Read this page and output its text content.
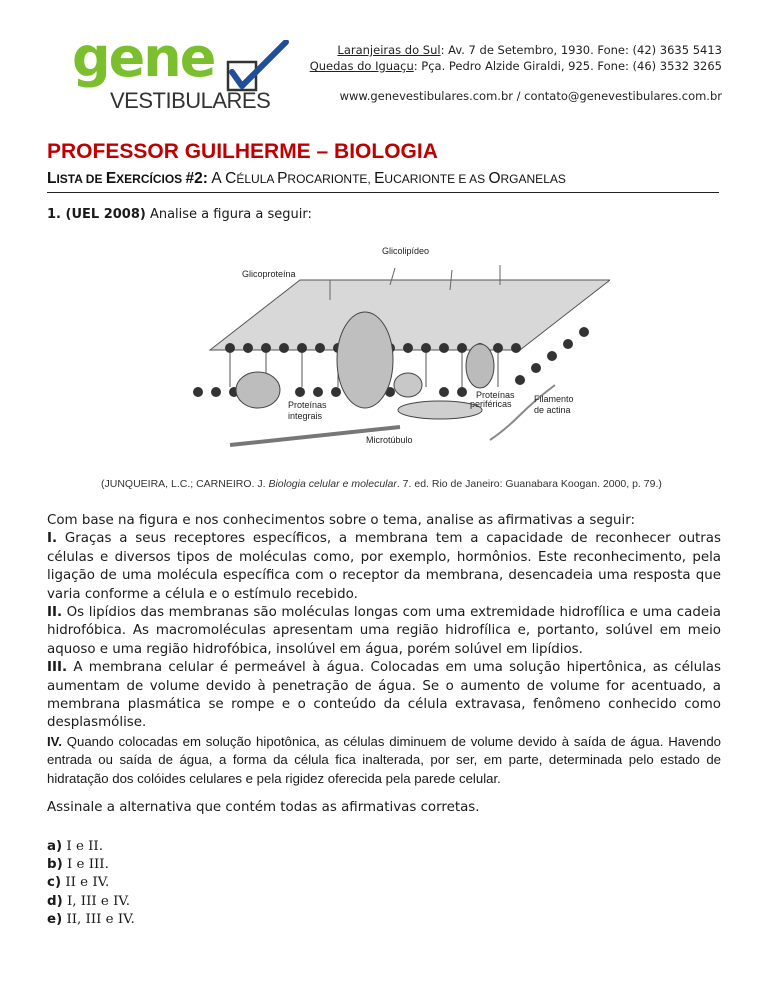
gene
VESTIBULARES
Laranjeiras do Sul: Av. 7 de Setembro, 1930. Fone: (42) 3635 5413
Quedas do Iguaçu: Pça. Pedro Alzide Giraldi, 925. Fone: (46) 3532 3265
www.genevestibulares.com.br / contato@genevestibulares.com.br
PROFESSOR GUILHERME – BIOLOGIA
LISTA DE EXERCÍCIOS #2: A CÉLULA PROCARIONTE, EUCARIONTE E AS ORGANELAS
1. (UEL 2008) Analise a figura a seguir:
Glicolipídeo
Glicoproteína
Proteínas
integrais
Proteínas
periféricas Filamento
de actina
Microtúbulo
(JUNQUEIRA, L.C.; CARNEIRO. J. Biologia celular e molecular. 7. ed. Rio de Janeiro: Guanabara Koogan. 2000, p. 79.)

Com base na figura e nos conhecimentos sobre o tema, analise as afirmativas a seguir:

I. Graças a seus receptores específicos, a membrana tem a capacidade de reconhecer outras células e diversos tipos de moléculas como, por exemplo, hormônios. Este reconhecimento, pela ligação de uma molécula específica com o receptor da membrana, desencadeia uma resposta que varia conforme a célula e o estímulo recebido.

II. Os lipídios das membranas são moléculas longas com uma extremidade hidrofílica e uma cadeia hidrofóbica. As macromoléculas apresentam uma região hidrofílica e, portanto, solúvel em meio aquoso e uma região hidrofóbica, insolúvel em água, porém solúvel em lipídios.

III. A membrana celular é permeável à água. Colocadas em uma solução hipertônica, as células aumentam de volume devido à penetração de água. Se o aumento de volume for acentuado, a membrana plasmática se rompe e o conteúdo da célula extravasa, fenômeno conhecido como desplasmólise.

IV. Quando colocadas em solução hipotônica, as células diminuem de volume devido à saída de água. Havendo entrada ou saída de água, a forma da célula fica inalterada, por ser, em parte, determinada pelo estado de hidratação dos colóides celulares e pela rigidez oferecida pela parede celular.

Assinale a alternativa que contém todas as afirmativas corretas.
a) I e II.
b) I e III.
c) II e IV.
d) I, III e IV.
e) II, III e IV.
